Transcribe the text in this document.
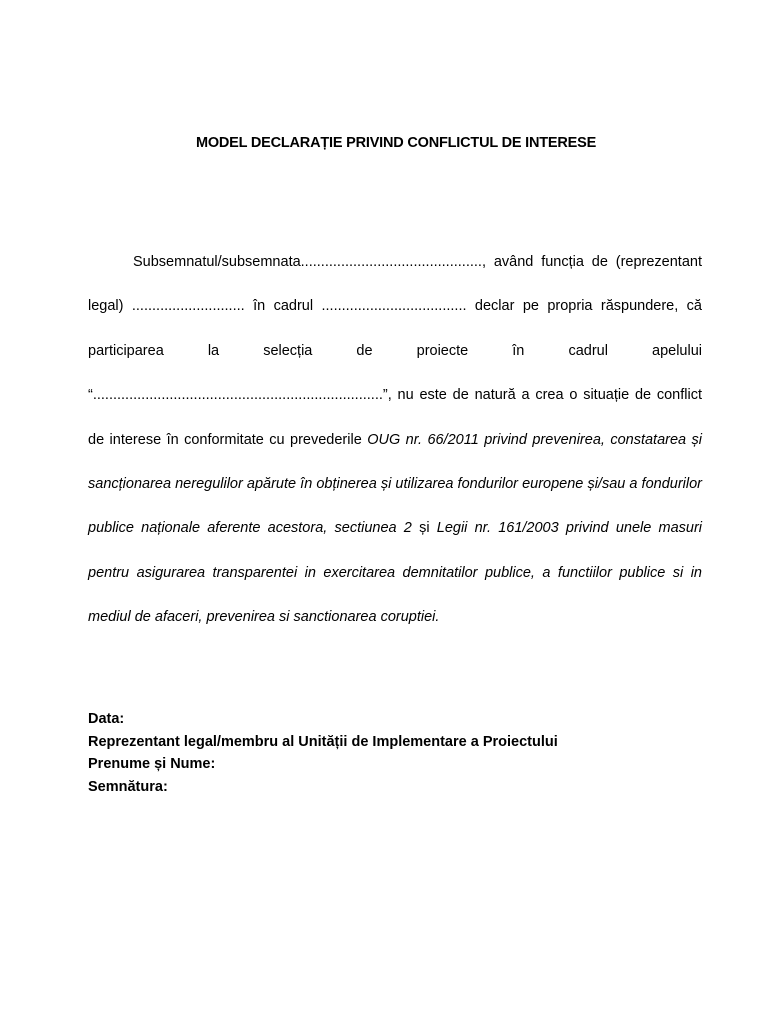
MODEL DECLARAȚIE PRIVIND CONFLICTUL DE INTERESE
Subsemnatul/subsemnata............................................., având funcția de (reprezentant legal) ............................ în cadrul .................................... declar pe propria răspundere, că participarea la selecția de proiecte în cadrul apelului “........................................................................”, nu este de natură a crea o situație de conflict de interese în conformitate cu prevederile OUG nr. 66/2011 privind prevenirea, constatarea și sancționarea neregulilor apărute în obținerea și utilizarea fondurilor europene și/sau a fondurilor publice naționale aferente acestora, sectiunea 2 și Legii nr. 161/2003 privind unele masuri pentru asigurarea transparentei in exercitarea demnitatilor publice, a functiilor publice si in mediul de afaceri, prevenirea si sanctionarea coruptiei.
Data:
Reprezentant legal/membru al Unității de Implementare a Proiectului
Prenume și Nume:
Semnătura:
